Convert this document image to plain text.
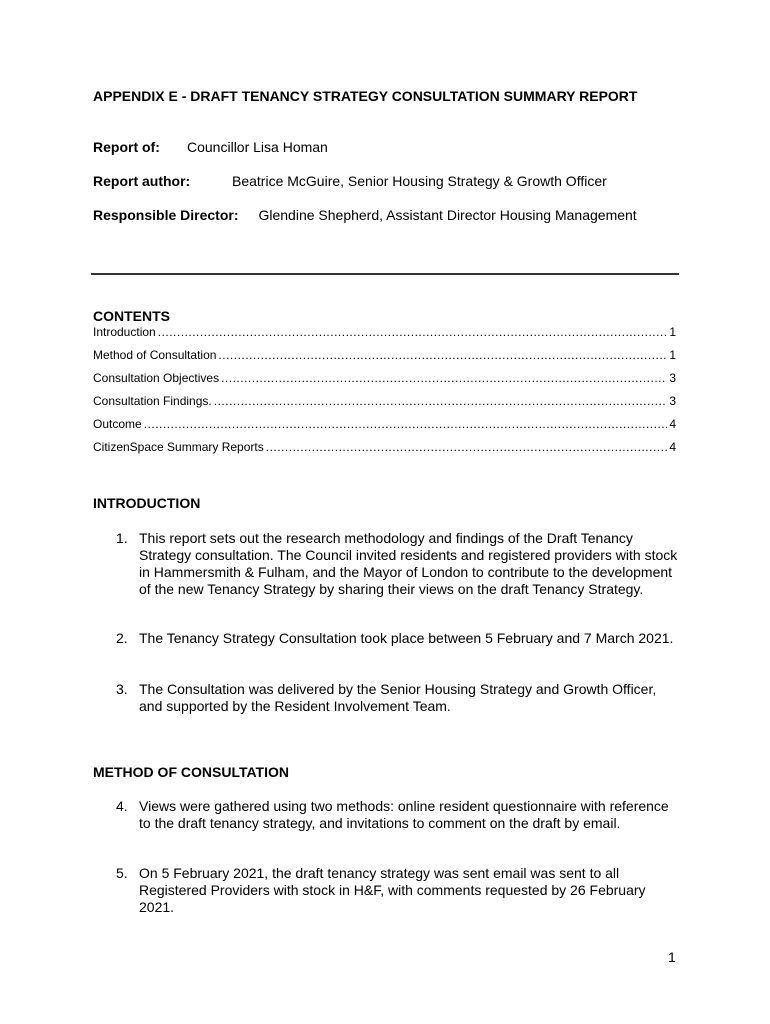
APPENDIX E - DRAFT TENANCY STRATEGY CONSULTATION SUMMARY REPORT
Report of: Councillor Lisa Homan
Report author:	Beatrice McGuire, Senior Housing Strategy & Growth Officer
Responsible Director: Glendine Shepherd, Assistant Director Housing Management
CONTENTS
Introduction .....	1
Method of Consultation .....	1
Consultation Objectives .....	3
Consultation Findings. .....	3
Outcome .....	4
CitizenSpace Summary Reports .....	4
INTRODUCTION
1. This report sets out the research methodology and findings of the Draft Tenancy Strategy consultation. The Council invited residents and registered providers with stock in Hammersmith & Fulham, and the Mayor of London to contribute to the development of the new Tenancy Strategy by sharing their views on the draft Tenancy Strategy.
2. The Tenancy Strategy Consultation took place between 5 February and 7 March 2021.
3. The Consultation was delivered by the Senior Housing Strategy and Growth Officer, and supported by the Resident Involvement Team.
METHOD OF CONSULTATION
4. Views were gathered using two methods: online resident questionnaire with reference to the draft tenancy strategy, and invitations to comment on the draft by email.
5. On 5 February 2021, the draft tenancy strategy was sent email was sent to all Registered Providers with stock in H&F, with comments requested by 26 February 2021.
1
